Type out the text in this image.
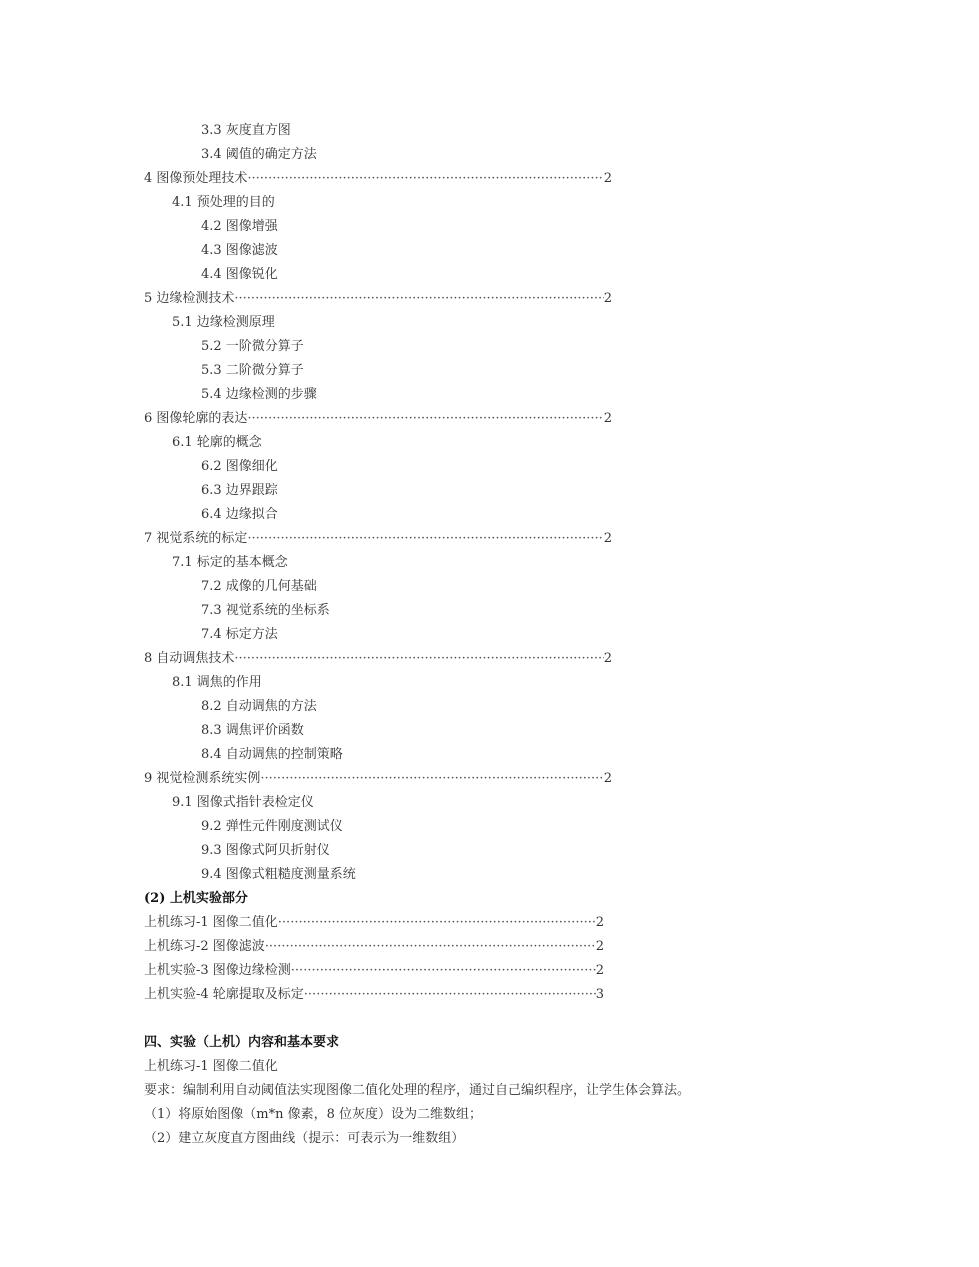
3.3 灰度直方图
3.4 阈值的确定方法
4 图像预处理技术 ·····	2
4.1 预处理的目的
4.2 图像增强
4.3 图像滤波
4.4 图像锐化
5 边缘检测技术 ·····	2
5.1 边缘检测原理
5.2 一阶微分算子
5.3 二阶微分算子
5.4 边缘检测的步骤
6 图像轮廓的表达 ·····	2
6.1 轮廓的概念
6.2 图像细化
6.3 边界跟踪
6.4 边缘拟合
7 视觉系统的标定 ·····	2
7.1 标定的基本概念
7.2 成像的几何基础
7.3 视觉系统的坐标系
7.4 标定方法
8 自动调焦技术 ·····	2
8.1 调焦的作用
8.2 自动调焦的方法
8.3 调焦评价函数
8.4 自动调焦的控制策略
9 视觉检测系统实例 ·····	2
9.1 图像式指针表检定仪
9.2 弹性元件刚度测试仪
9.3 图像式阿贝折射仪
9.4 图像式粗糙度测量系统
(2) 上机实验部分
上机练习-1 图像二值化 ·····	2
上机练习-2 图像滤波 ·····	2
上机实验-3 图像边缘检测 ·····	2
上机实验-4 轮廓提取及标定 ·····	3
四、实验（上机）内容和基本要求
上机练习-1 图像二值化
要求：编制利用自动阈值法实现图像二值化处理的程序，通过自己编织程序，让学生体会算法。
（1）将原始图像（m*n 像素，8 位灰度）设为二维数组；
（2）建立灰度直方图曲线（提示：可表示为一维数组）
